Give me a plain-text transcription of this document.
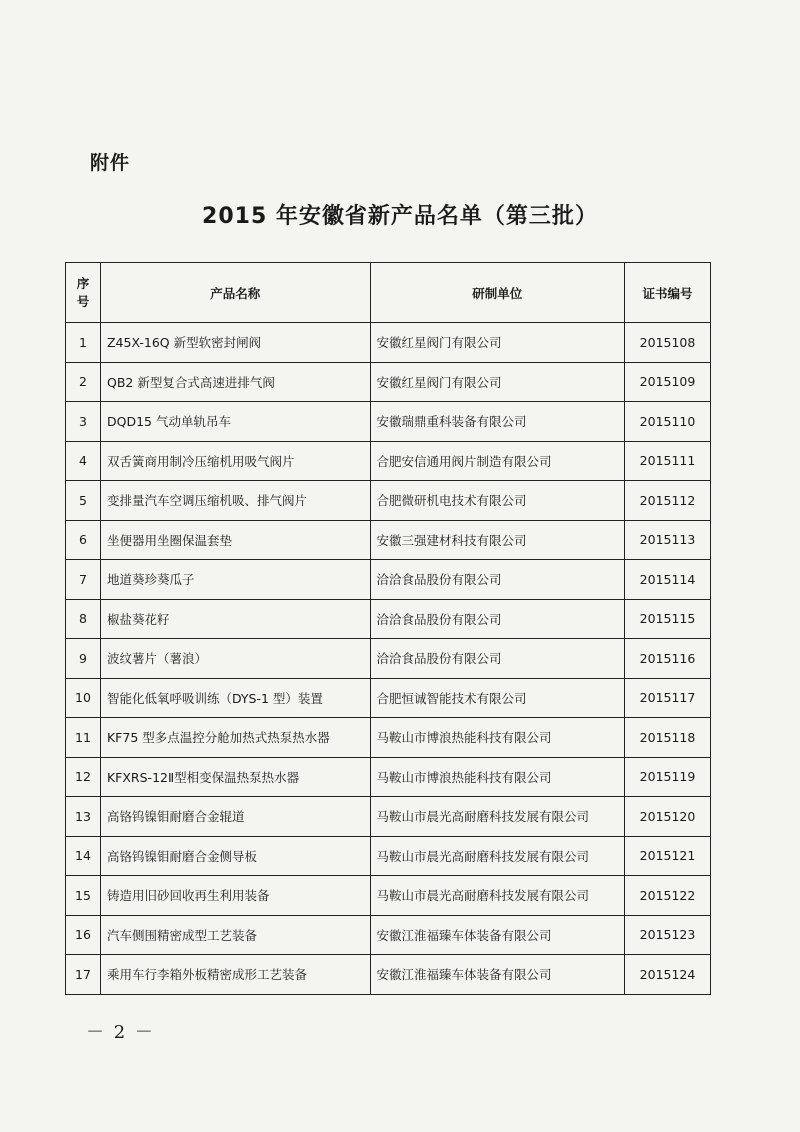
附件
2015 年安徽省新产品名单（第三批）
序号	产品名称	研制单位	证书编号
1	Z45X-16Q 新型软密封闸阀	安徽红星阀门有限公司	2015108
2	QB2 新型复合式高速进排气阀	安徽红星阀门有限公司	2015109
3	DQD15 气动单轨吊车	安徽瑞鼎重科装备有限公司	2015110
4	双舌簧商用制冷压缩机用吸气阀片	合肥安信通用阀片制造有限公司	2015111
5	变排量汽车空调压缩机吸、排气阀片	合肥微研机电技术有限公司	2015112
6	坐便器用坐圈保温套垫	安徽三强建材科技有限公司	2015113
7	地道葵珍葵瓜子	洽洽食品股份有限公司	2015114
8	椒盐葵花籽	洽洽食品股份有限公司	2015115
9	波纹薯片（薯浪）	洽洽食品股份有限公司	2015116
10	智能化低氧呼吸训练（DYS-1 型）装置	合肥恒诚智能技术有限公司	2015117
11	KF75 型多点温控分舱加热式热泵热水器	马鞍山市博浪热能科技有限公司	2015118
12	KFXRS-12Ⅱ型相变保温热泵热水器	马鞍山市博浪热能科技有限公司	2015119
13	高铬钨镍钼耐磨合金辊道	马鞍山市晨光高耐磨科技发展有限公司	2015120
14	高铬钨镍钼耐磨合金侧导板	马鞍山市晨光高耐磨科技发展有限公司	2015121
15	铸造用旧砂回收再生利用装备	马鞍山市晨光高耐磨科技发展有限公司	2015122
16	汽车侧围精密成型工艺装备	安徽江淮福臻车体装备有限公司	2015123
17	乘用车行李箱外板精密成形工艺装备	安徽江淮福臻车体装备有限公司	2015124
－ 2 －
